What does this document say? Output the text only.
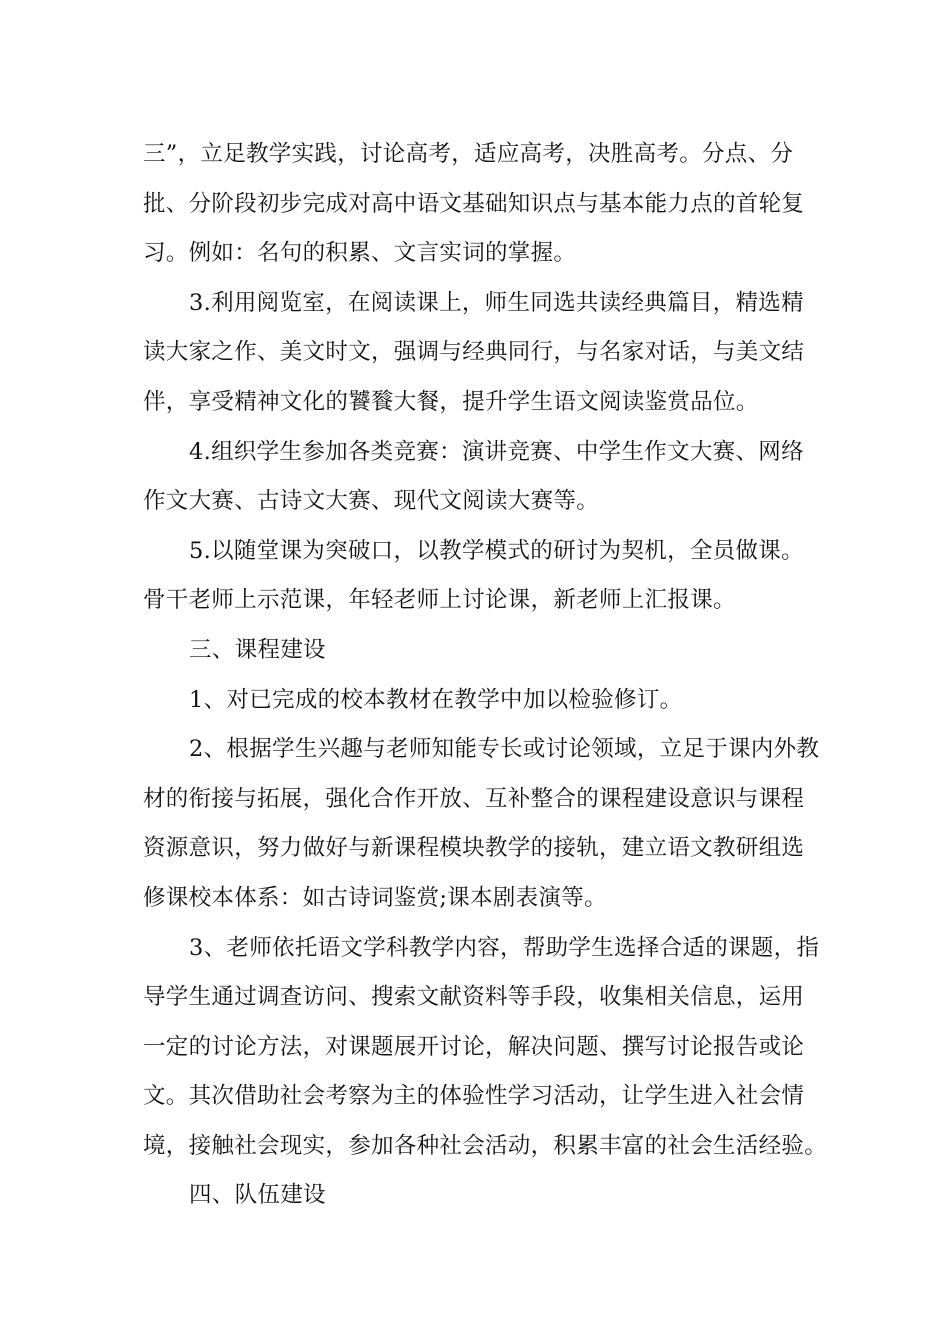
三”，立足教学实践，讨论高考，适应高考，决胜高考。分点、分
批、分阶段初步完成对高中语文基础知识点与基本能力点的首轮复
习。例如：名句的积累、文言实词的掌握。
3.利用阅览室，在阅读课上，师生同选共读经典篇目，精选精
读大家之作、美文时文，强调与经典同行，与名家对话，与美文结
伴，享受精神文化的饕餮大餐，提升学生语文阅读鉴赏品位。
4.组织学生参加各类竞赛：演讲竞赛、中学生作文大赛、网络
作文大赛、古诗文大赛、现代文阅读大赛等。
5.以随堂课为突破口，以教学模式的研讨为契机，全员做课。
骨干老师上示范课，年轻老师上讨论课，新老师上汇报课。
三、课程建设
1、对已完成的校本教材在教学中加以检验修订。
2、根据学生兴趣与老师知能专长或讨论领域，立足于课内外教
材的衔接与拓展，强化合作开放、互补整合的课程建设意识与课程
资源意识，努力做好与新课程模块教学的接轨，建立语文教研组选
修课校本体系：如古诗词鉴赏;课本剧表演等。
3、老师依托语文学科教学内容，帮助学生选择合适的课题，指
导学生通过调查访问、搜索文献资料等手段，收集相关信息，运用
一定的讨论方法，对课题展开讨论，解决问题、撰写讨论报告或论
文。其次借助社会考察为主的体验性学习活动，让学生进入社会情
境，接触社会现实，参加各种社会活动，积累丰富的社会生活经验。
四、队伍建设
